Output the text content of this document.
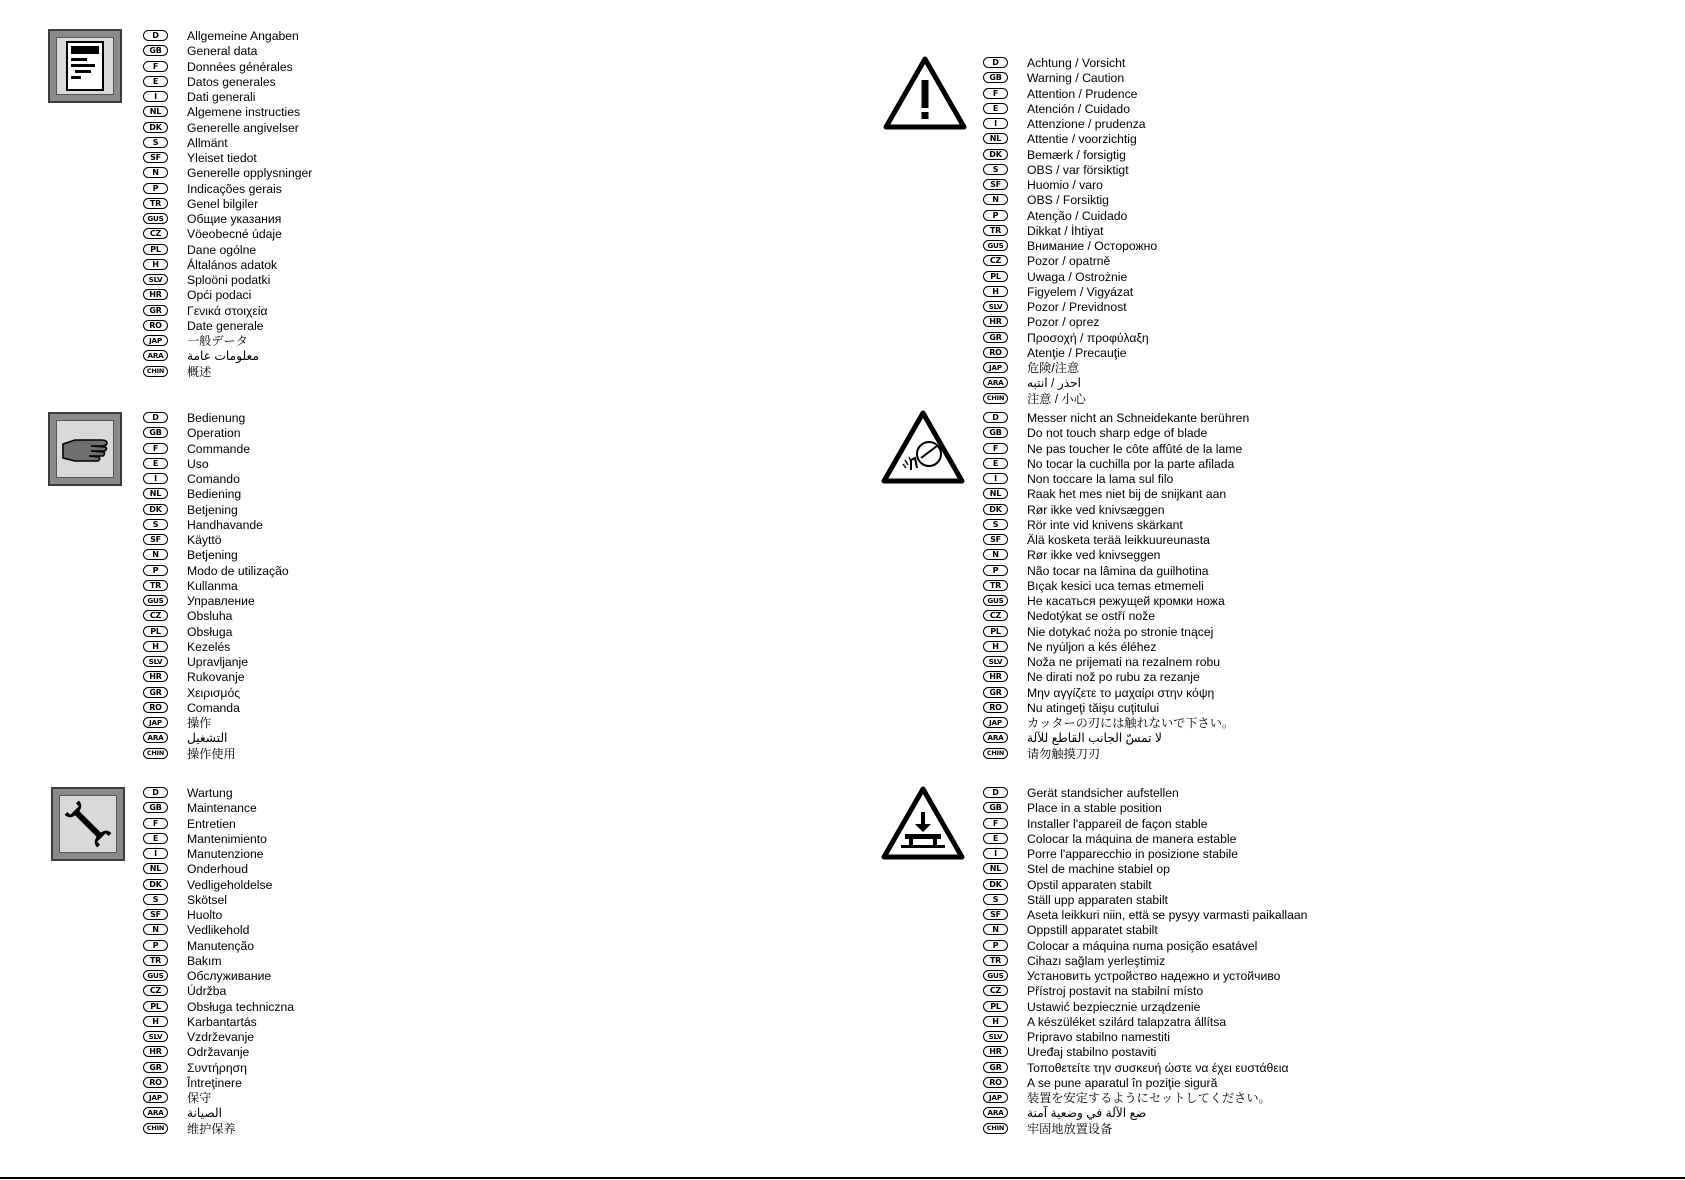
D	Allgemeine Angaben
GB	General data
F	Données générales
E	Datos generales
I	Dati generali
NL	Algemene instructies
DK	Generelle angivelser
S	Allmänt
SF	Yleiset tiedot
N	Generelle opplysninger
P	Indicações gerais
TR	Genel bilgiler
GUS	Общие указания
CZ	Vöeobecné údaje
PL	Dane ogólne
H	Általános adatok
SLV	Sploöni podatki
HR	Opći podaci
GR	Γενικά στοιχεία
RO	Date generale
JAP	一般データ
ARA	معلومات عامة
CHIN	概述
D	Bedienung
GB	Operation
F	Commande
E	Uso
I	Comando
NL	Bediening
DK	Betjening
S	Handhavande
SF	Käyttö
N	Betjening
P	Modo de utilização
TR	Kullanma
GUS	Управление
CZ	Obsluha
PL	Obsługa
H	Kezelés
SLV	Upravljanje
HR	Rukovanje
GR	Χειρισμός
RO	Comanda
JAP	操作
ARA	التشغيل
CHIN	操作使用
D	Wartung
GB	Maintenance
F	Entretien
E	Mantenimiento
I	Manutenzione
NL	Onderhoud
DK	Vedligeholdelse
S	Skötsel
SF	Huolto
N	Vedlikehold
P	Manutenção
TR	Bakım
GUS	Обслуживание
CZ	Údržba
PL	Obsługa techniczna
H	Karbantartás
SLV	Vzdrževanje
HR	Održavanje
GR	Συντήρηση
RO	Întreţinere
JAP	保守
ARA	الصيانة
CHIN	维护保养
D	Achtung / Vorsicht
GB	Warning / Caution
F	Attention / Prudence
E	Atención / Cuidado
I	Attenzione / prudenza
NL	Attentie / voorzichtig
DK	Bemærk / forsigtig
S	OBS / var försiktigt
SF	Huomio / varo
N	OBS / Forsiktig
P	Atenção / Cuidado
TR	Dikkat / İhtiyat
GUS	Внимание / Осторожно
CZ	Pozor / opatrně
PL	Uwaga / Ostrożnie
H	Figyelem / Vigyázat
SLV	Pozor / Previdnost
HR	Pozor / oprez
GR	Προσοχή / προφύλαξη
RO	Atenţie / Precauţie
JAP	危険/注意
ARA	احذر / انتبه
CHIN	注意 / 小心
D	Messer nicht an Schneidekante berühren
GB	Do not touch sharp edge of blade
F	Ne pas toucher le côte affûté de la lame
E	No tocar la cuchilla por la parte afilada
I	Non toccare la lama sul filo
NL	Raak het mes niet bij de snijkant aan
DK	Rør ikke ved knivsæggen
S	Rör inte vid knivens skärkant
SF	Älä kosketa terää leikkuureunasta
N	Rør ikke ved knivseggen
P	Não tocar na lâmina da guilhotina
TR	Bıçak kesici uca temas etmemeli
GUS	Не касаться режущей кромки ножа
CZ	Nedotýkat se ostří nože
PL	Nie dotykać noża po stronie tnącej
H	Ne nyúljon a kés éléhez
SLV	Noža ne prijemati na rezalnem robu
HR	Ne dirati nož po rubu za rezanje
GR	Μην αγγίζετε το μαχαίρι στην κόψη
RO	Nu atingeţi tăişu cuţitului
JAP	カッターの刃には触れないで下さい。
ARA	لا تمسّ الجانب القاطع للآلة
CHIN	请勿触摸刀刃
D	Gerät standsicher aufstellen
GB	Place in a stable position
F	Installer l'appareil de façon stable
E	Colocar la máquina de manera estable
I	Porre l'apparecchio in posizione stabile
NL	Stel de machine stabiel op
DK	Opstil apparaten stabilt
S	Ställ upp apparaten stabilt
SF	Aseta leikkuri niin, että se pysyy varmasti paikallaan
N	Oppstill apparatet stabilt
P	Colocar a máquina numa posição esatável
TR	Cihazı sağlam yerleştimiz
GUS	Установить устройство надежно и устойчиво
CZ	Přístroj postavit na stabilní místo
PL	Ustawić bezpiecznie urządzenie
H	A készüléket szilárd talapzatra állítsa
SLV	Pripravo stabilno namestiti
HR	Uređaj stabilno postaviti
GR	Τοποθετείτε την συσκευή ώστε να έχει ευστάθεια
RO	A se pune aparatul în poziţie sigură
JAP	装置を安定するようにセットしてください。
ARA	ضع الآلة في وضعية آمنة
CHIN	牢固地放置设备
